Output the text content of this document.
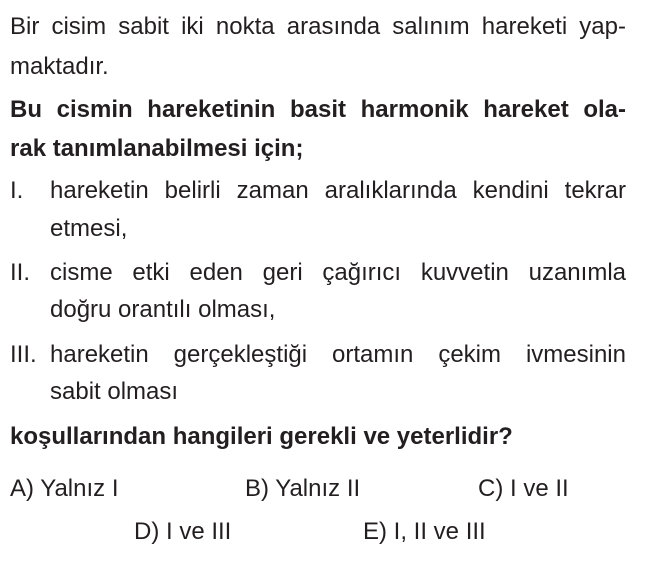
Bir cisim sabit iki nokta arasında salınım hareketi yap-
maktadır.
Bu cismin hareketinin basit harmonik hareket ola-
rak tanımlanabilmesi için;
I. hareketin belirli zaman aralıklarında kendini tekrar
etmesi,
II. cisme etki eden geri çağırıcı kuvvetin uzanımla
doğru orantılı olması,
III. hareketin gerçekleştiği ortamın çekim ivmesinin
sabit olması
koşullarından hangileri gerekli ve yeterlidir?
A) Yalnız I	B) Yalnız II	C) I ve II
D) I ve III	E) I, II ve III
